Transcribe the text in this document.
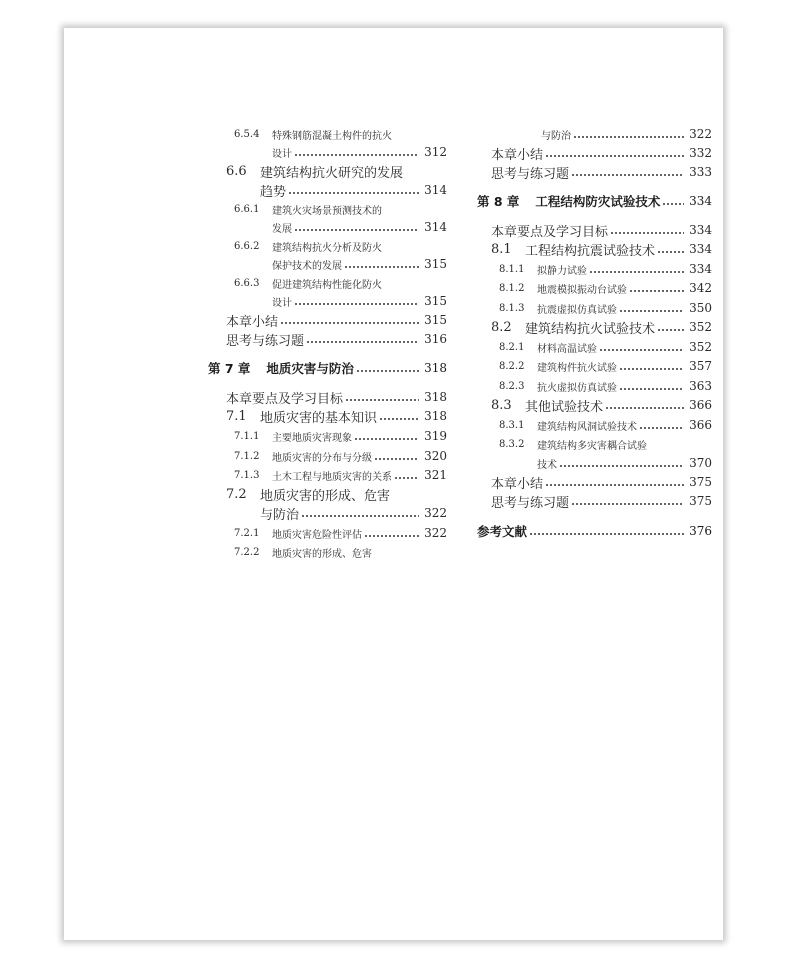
6.5.4	特殊钢筋混凝土构件的抗火
设计	312
6.6	建筑结构抗火研究的发展
趋势	314
6.6.1	建筑火灾场景预测技术的
发展	314
6.6.2	建筑结构抗火分析及防火
保护技术的发展	315
6.6.3	促进建筑结构性能化防火
设计	315
本章小结	315
思考与练习题	316
第 7 章 地质灾害与防治	318
本章要点及学习目标	318
7.1	地质灾害的基本知识	318
7.1.1	主要地质灾害现象	319
7.1.2	地质灾害的分布与分级	320
7.1.3	土木工程与地质灾害的关系	321
7.2	地质灾害的形成、危害
与防治	322
7.2.1	地质灾害危险性评估	322
7.2.2	地质灾害的形成、危害
与防治	322
本章小结	332
思考与练习题	333
第 8 章 工程结构防灾试验技术 334
本章要点及学习目标	334
8.1	工程结构抗震试验技术	334
8.1.1	拟静力试验	334
8.1.2	地震模拟振动台试验	342
8.1.3	抗震虚拟仿真试验	350
8.2	建筑结构抗火试验技术	352
8.2.1	材料高温试验	352
8.2.2	建筑构件抗火试验	357
8.2.3	抗火虚拟仿真试验	363
8.3	其他试验技术	366
8.3.1	建筑结构风洞试验技术	366
8.3.2	建筑结构多灾害耦合试验
技术	370
本章小结	375
思考与练习题	375
参考文献	376
